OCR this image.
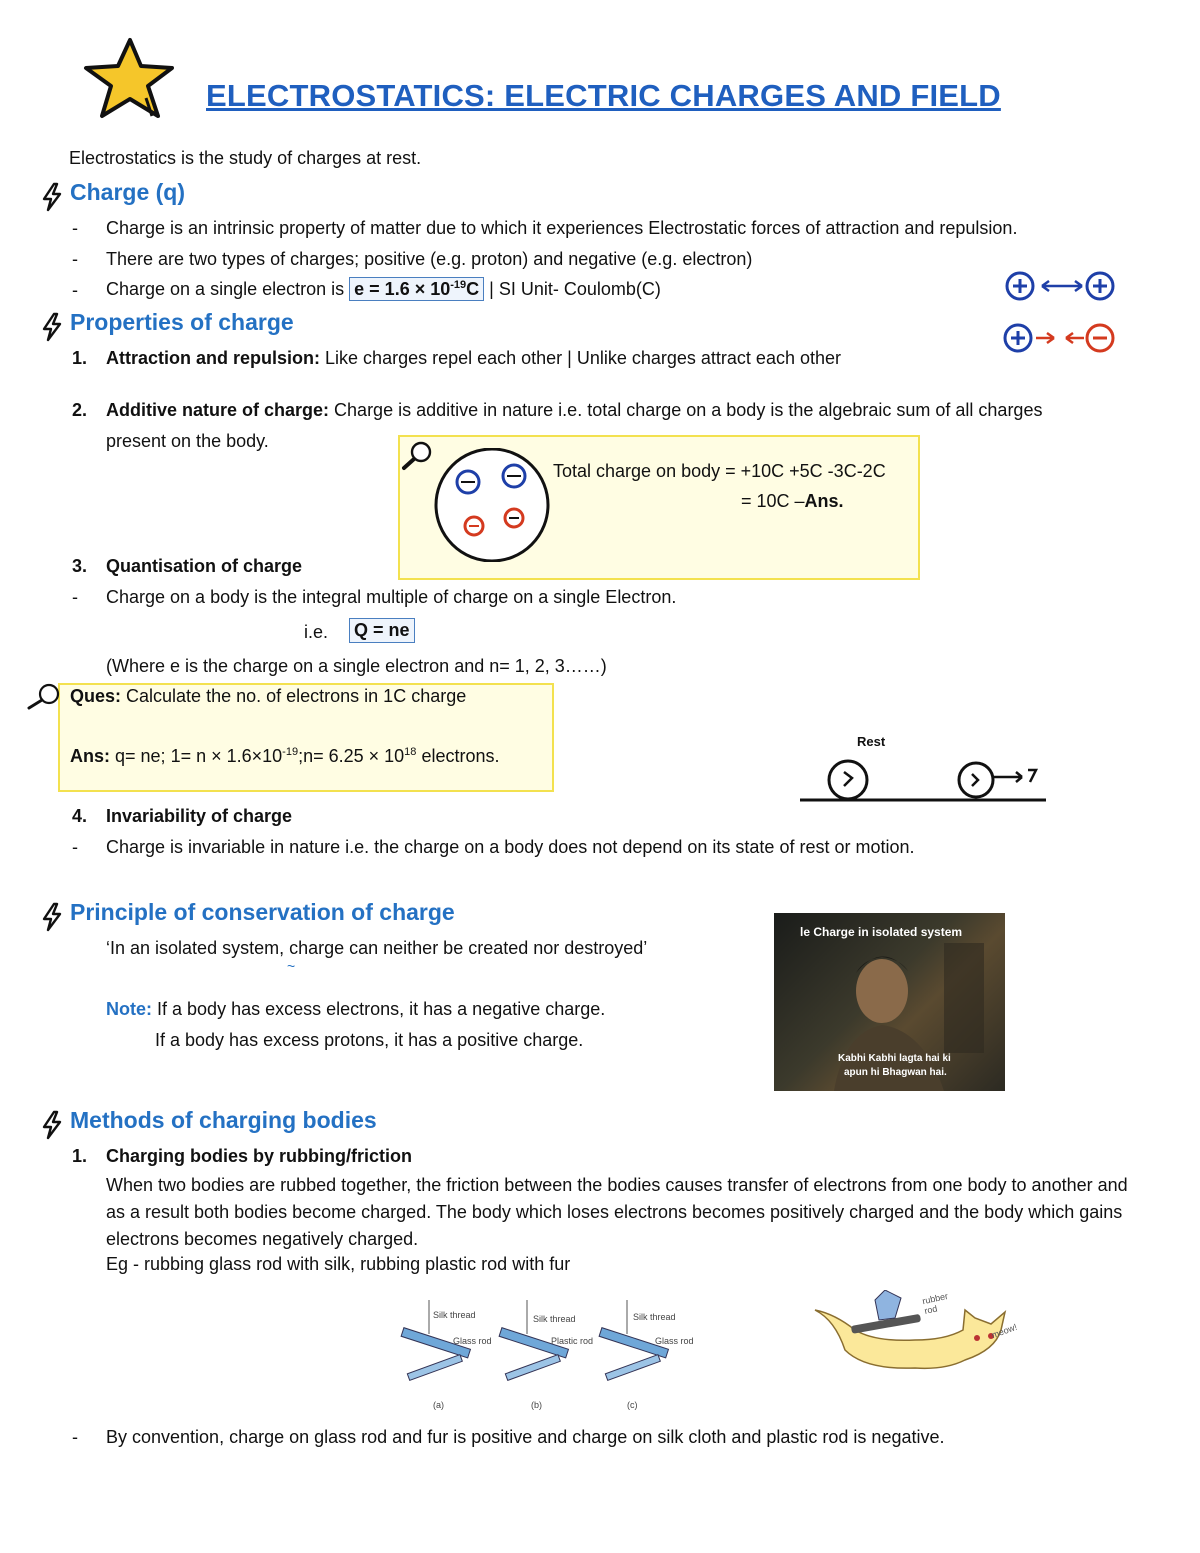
ELECTROSTATICS: ELECTRIC CHARGES AND FIELD
Electrostatics is the study of charges at rest.
Charge (q)
- Charge is an intrinsic property of matter due to which it experiences Electrostatic forces of attraction and repulsion.
- There are two types of charges; positive (e.g. proton) and negative (e.g. electron)
- Charge on a single electron is $e = 1.6 \times 10^{-19}C$ | SI Unit- Coulomb(C)
Properties of charge
1. Attraction and repulsion: Like charges repel each other | Unlike charges attract each other
2. Additive nature of charge: Charge is additive in nature i.e. total charge on a body is the algebraic sum of all charges
present on the body.
Total charge on body = +10C +5C -3C-2C
= 10C –Ans.
3. Quantisation of charge
- Charge on a body is the integral multiple of charge on a single Electron.
i.e. Q = ne
(Where e is the charge on a single electron and n= 1, 2, 3……)
Ques: Calculate the no. of electrons in 1C charge
Ans: q= ne; $1= n \times 1.6\times 10^{-19};n= 6.25 \times 10^{18}$ electrons.
Rest
4. Invariability of charge
- Charge is invariable in nature i.e. the charge on a body does not depend on its state of rest or motion.
Principle of conservation of charge
‘In an isolated system, charge can neither be created nor destroyed’
~
Note: If a body has excess electrons, it has a negative charge.
If a body has excess protons, it has a positive charge.
le Charge in isolated system
Kabhi Kabhi lagta hai ki
apun hi Bhagwan hai.
Methods of charging bodies
1. Charging bodies by rubbing/friction
When two bodies are rubbed together, the friction between the bodies causes transfer of electrons from one body to another and as a result both bodies become charged. The body which loses electrons becomes positively charged and the body which gains electrons becomes negatively charged.
Eg - rubbing glass rod with silk, rubbing plastic rod with fur
Silk thread	Silk thread	Silk thread
Glass rod	Plastic rod	Glass rod
(a)	(b)	(c)
rubber rod
meow!
- By convention, charge on glass rod and fur is positive and charge on silk cloth and plastic rod is negative.
